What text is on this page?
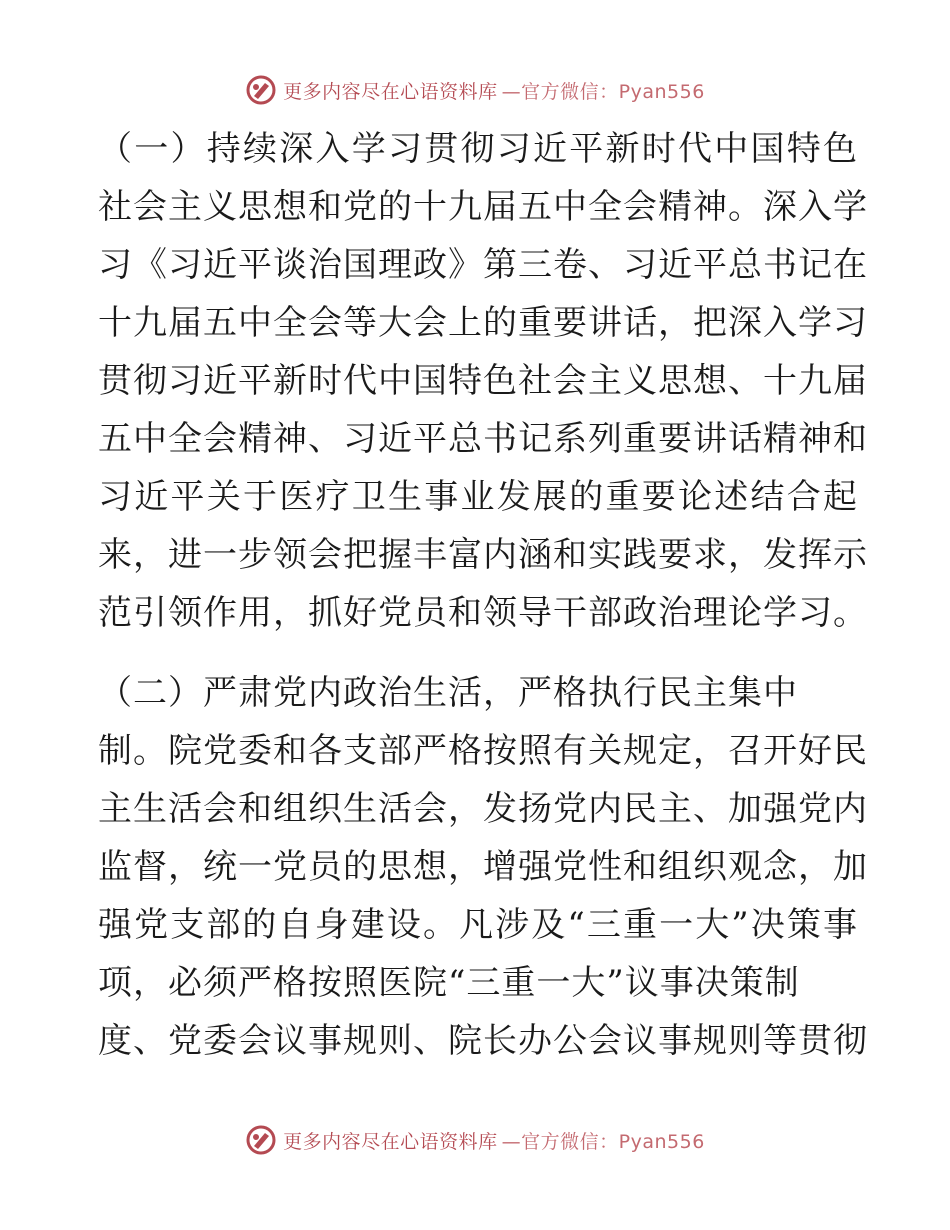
更多内容尽在心语资料库 —官方微信：Pyan556
（一）持续深入学习贯彻习近平新时代中国特色
社会主义思想和党的十九届五中全会精神。深入学
习《习近平谈治国理政》第三卷、习近平总书记在
十九届五中全会等大会上的重要讲话，把深入学习
贯彻习近平新时代中国特色社会主义思想、十九届
五中全会精神、习近平总书记系列重要讲话精神和
习近平关于医疗卫生事业发展的重要论述结合起
来，进一步领会把握丰富内涵和实践要求，发挥示
范引领作用，抓好党员和领导干部政治理论学习。
（二）严肃党内政治生活，严格执行民主集中
制。院党委和各支部严格按照有关规定，召开好民
主生活会和组织生活会，发扬党内民主、加强党内
监督，统一党员的思想，增强党性和组织观念，加
强党支部的自身建设。凡涉及“三重一大”决策事
项，必须严格按照医院“三重一大”议事决策制
度、党委会议事规则、院长办公会议事规则等贯彻
更多内容尽在心语资料库 —官方微信：Pyan556
